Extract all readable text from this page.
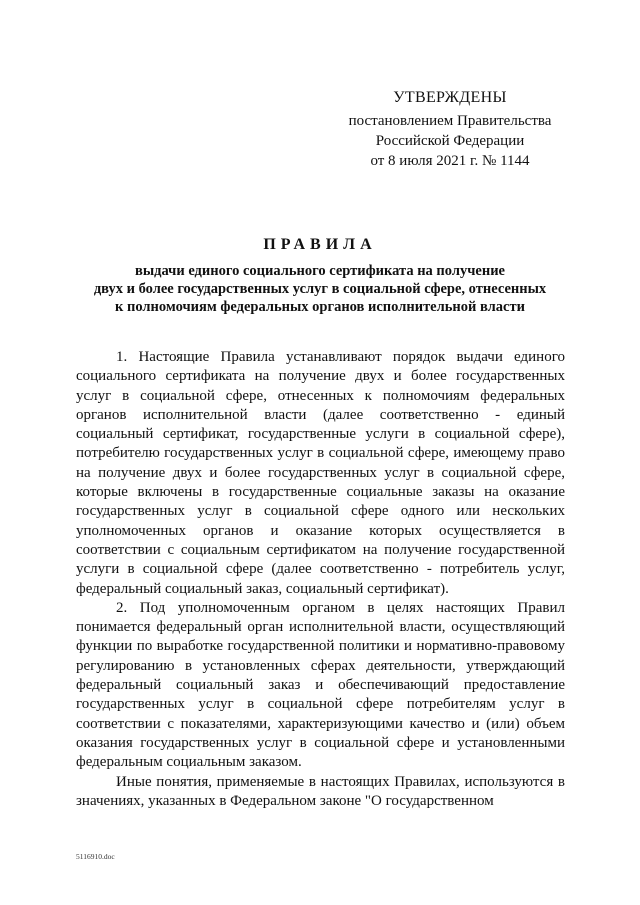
УТВЕРЖДЕНЫ
постановлением Правительства
Российской Федерации
от 8 июля 2021 г. № 1144
ПРАВИЛА
выдачи единого социального сертификата на получение
двух и более государственных услуг в социальной сфере, отнесенных
к полномочиям федеральных органов исполнительной власти

1. Настоящие Правила устанавливают порядок выдачи единого социального сертификата на получение двух и более государственных услуг в социальной сфере, отнесенных к полномочиям федеральных органов исполнительной власти (далее соответственно - единый социальный сертификат, государственные услуги в социальной сфере), потребителю государственных услуг в социальной сфере, имеющему право на получение двух и более государственных услуг в социальной сфере, которые включены в государственные социальные заказы на оказание государственных услуг в социальной сфере одного или нескольких уполномоченных органов и оказание которых осуществляется в соответствии с социальным сертификатом на получение государственной услуги в социальной сфере (далее соответственно - потребитель услуг, федеральный социальный заказ, социальный сертификат).

2. Под уполномоченным органом в целях настоящих Правил понимается федеральный орган исполнительной власти, осуществляющий функции по выработке государственной политики и нормативно-правовому регулированию в установленных сферах деятельности, утверждающий федеральный социальный заказ и обеспечивающий предоставление государственных услуг в социальной сфере потребителям услуг в соответствии с показателями, характеризующими качество и (или) объем оказания государственных услуг в социальной сфере и установленными федеральным социальным заказом.

Иные понятия, применяемые в настоящих Правилах, используются в значениях, указанных в Федеральном законе "О государственном

5116910.doc
